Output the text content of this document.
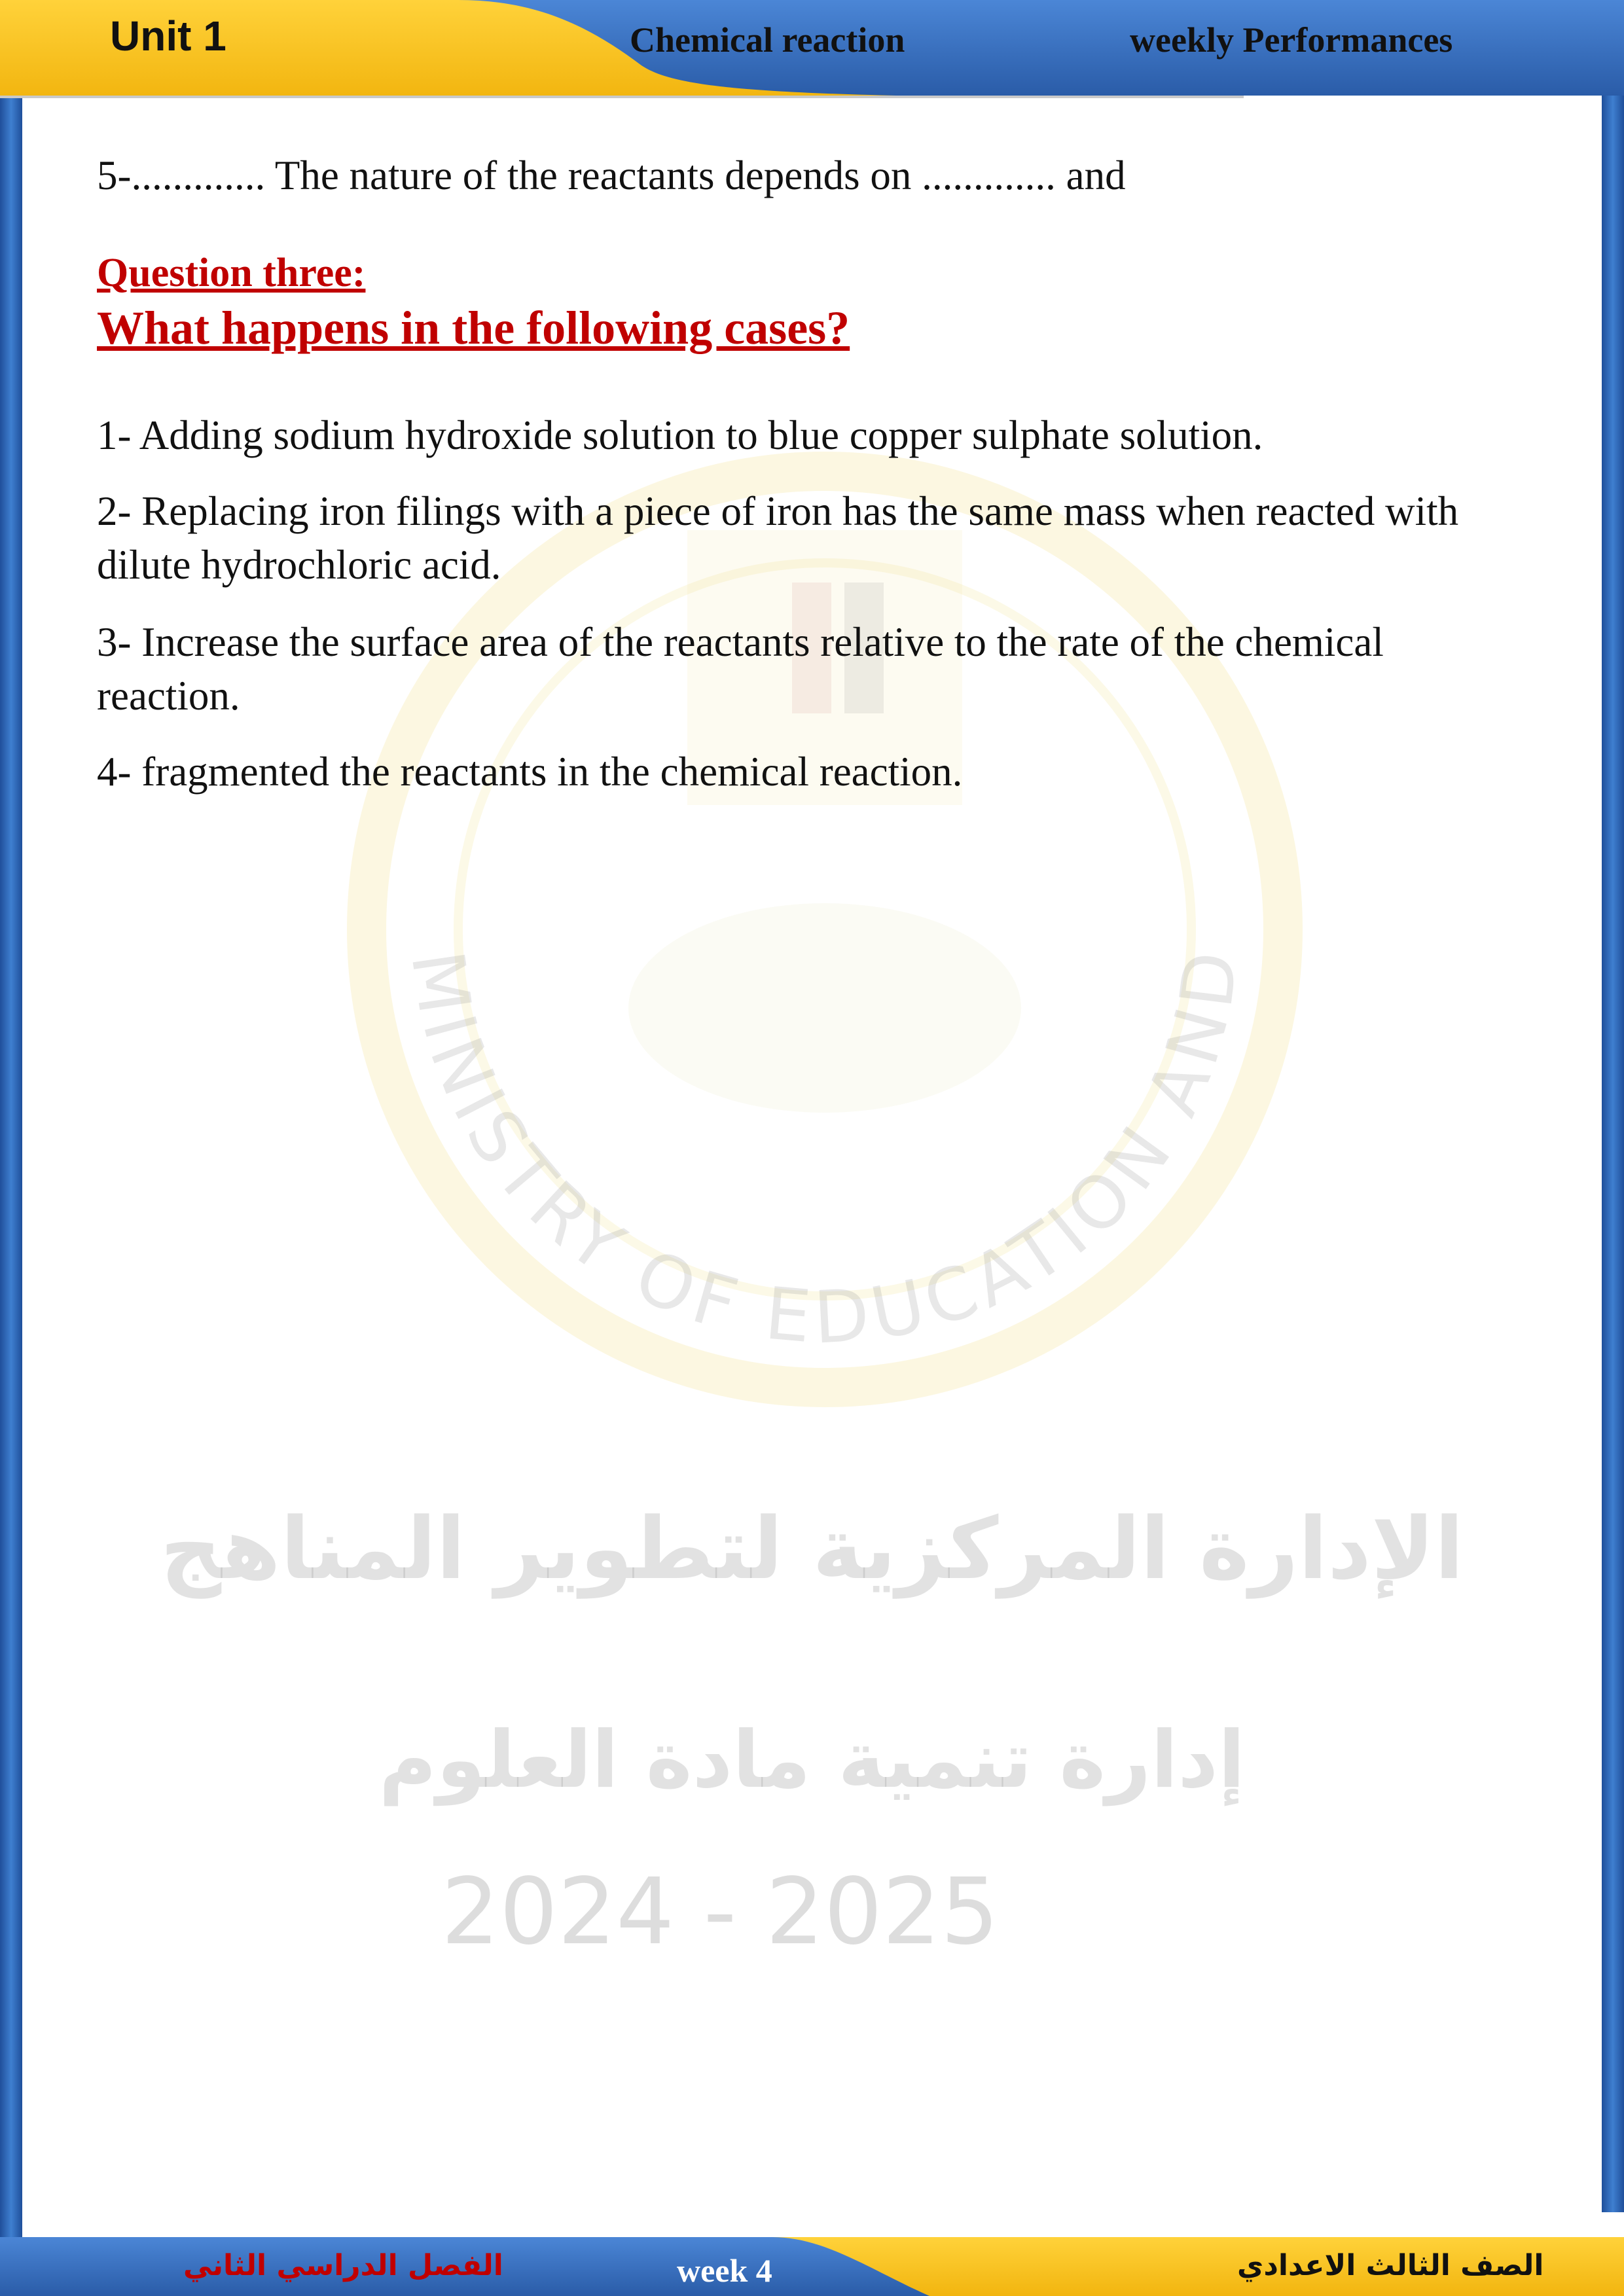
MINISTRY OF EDUCATION AND
الإدارة المركزية لتطوير المناهج
إدارة تنمية مادة العلوم
2024 - 2025
Unit 1	Chemical reaction	weekly Performances
5-............. The nature of the reactants depends on ............. and
Question three:
What happens in the following cases?
1- Adding sodium hydroxide solution to blue copper sulphate solution.
2- Replacing iron filings with a piece of iron has the same mass when reacted with dilute hydrochloric acid.
3- Increase the surface area of the reactants relative to the rate of the chemical reaction.
4- fragmented the reactants in the chemical reaction.
الفصل الدراسي الثاني	week 4	الصف الثالث الاعدادي
